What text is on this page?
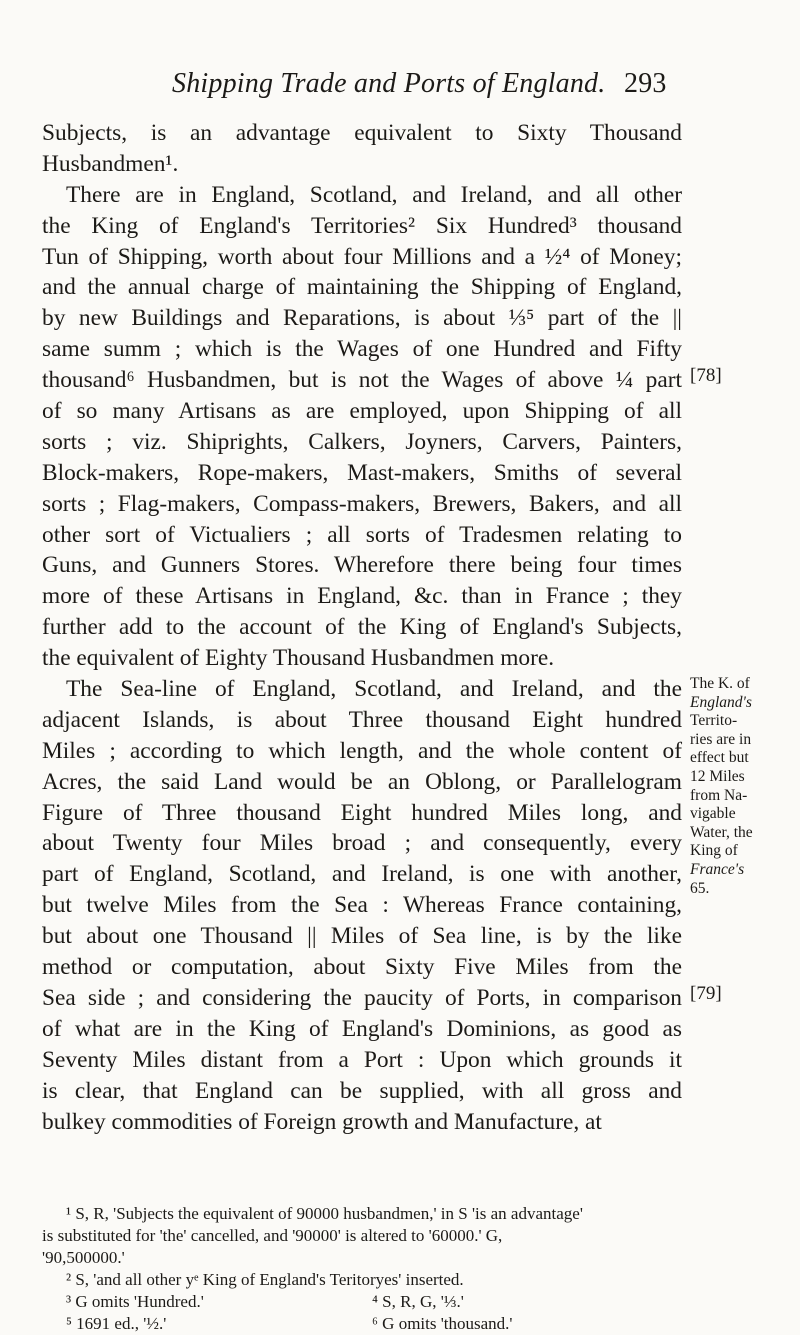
Shipping Trade and Ports of England. 293
Subjects, is an advantage equivalent to Sixty Thousand
Husbandmen¹.
There are in England, Scotland, and Ireland, and all other
the King of England's Territories² Six Hundred³ thousand
Tun of Shipping, worth about four Millions and a ½⁴ of Money;
and the annual charge of maintaining the Shipping of England,
by new Buildings and Reparations, is about ⅓⁵ part of the ||
same summ ; which is the Wages of one Hundred and Fifty
thousand⁶ Husbandmen, but is not the Wages of above ¼ part
of so many Artisans as are employed, upon Shipping of all
sorts ; viz. Shiprights, Calkers, Joyners, Carvers, Painters,
Block-makers, Rope-makers, Mast-makers, Smiths of several
sorts ; Flag-makers, Compass-makers, Brewers, Bakers, and all
other sort of Victualiers ; all sorts of Tradesmen relating to
Guns, and Gunners Stores. Wherefore there being four times
more of these Artisans in England, &c. than in France ; they
further add to the account of the King of England's Subjects,
the equivalent of Eighty Thousand Husbandmen more.
The Sea-line of England, Scotland, and Ireland, and the
adjacent Islands, is about Three thousand Eight hundred
Miles ; according to which length, and the whole content of
Acres, the said Land would be an Oblong, or Parallelogram
Figure of Three thousand Eight hundred Miles long, and
about Twenty four Miles broad ; and consequently, every
part of England, Scotland, and Ireland, is one with another,
but twelve Miles from the Sea : Whereas France containing,
but about one Thousand || Miles of Sea line, is by the like
method or computation, about Sixty Five Miles from the
Sea side ; and considering the paucity of Ports, in comparison
of what are in the King of England's Dominions, as good as
Seventy Miles distant from a Port : Upon which grounds it
is clear, that England can be supplied, with all gross and
bulkey commodities of Foreign growth and Manufacture, at
[78]
[79]
The K. of
England's
Territo-
ries are in
effect but
12 Miles
from Na-
vigable
Water, the
King of
France's
65.
¹ S, R, 'Subjects the equivalent of 90000 husbandmen,' in S 'is an advantage'
is substituted for 'the' cancelled, and '90000' is altered to '60000.' G,
'90,500000.'
² S, 'and all other yᵉ King of England's Teritoryes' inserted.
³ G omits 'Hundred.'	⁴ S, R, G, '⅓.'
⁵ 1691 ed., '½.'	⁶ G omits 'thousand.'
